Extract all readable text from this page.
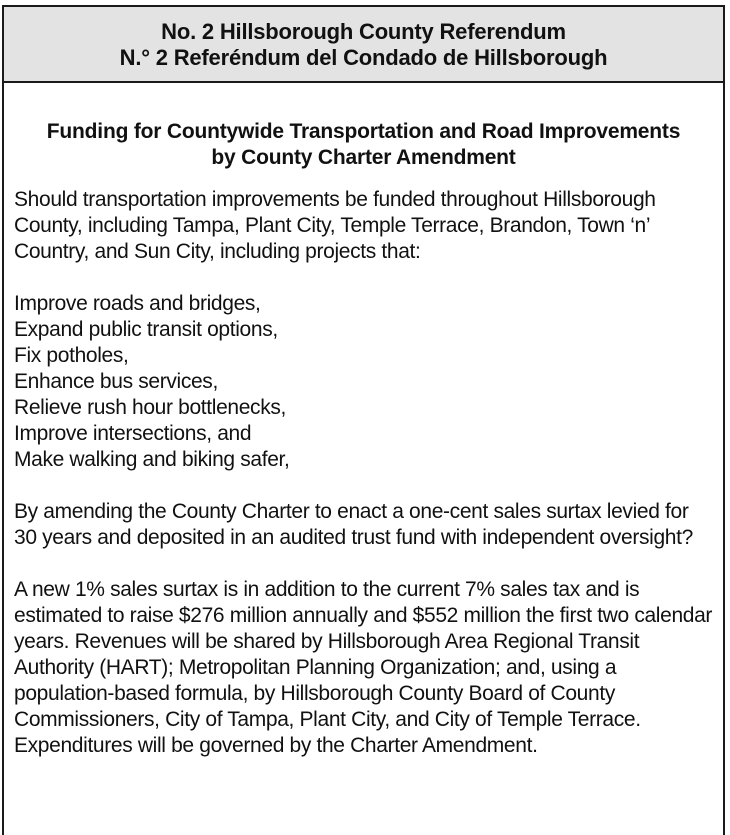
No. 2 Hillsborough County Referendum
N.° 2 Referéndum del Condado de Hillsborough
Funding for Countywide Transportation and Road Improvements
by County Charter Amendment

Should transportation improvements be funded throughout Hillsborough County, including Tampa, Plant City, Temple Terrace, Brandon, Town ‘n’ Country, and Sun City, including projects that:

Improve roads and bridges,
Expand public transit options,
Fix potholes,
Enhance bus services,
Relieve rush hour bottlenecks,
Improve intersections, and
Make walking and biking safer,

By amending the County Charter to enact a one-cent sales surtax levied for 30 years and deposited in an audited trust fund with independent oversight?

A new 1% sales surtax is in addition to the current 7% sales tax and is estimated to raise $276 million annually and $552 million the first two calendar years. Revenues will be shared by Hillsborough Area Regional Transit Authority (HART); Metropolitan Planning Organization; and, using a population-based formula, by Hillsborough County Board of County Commissioners, City of Tampa, Plant City, and City of Temple Terrace. Expenditures will be governed by the Charter Amendment.
